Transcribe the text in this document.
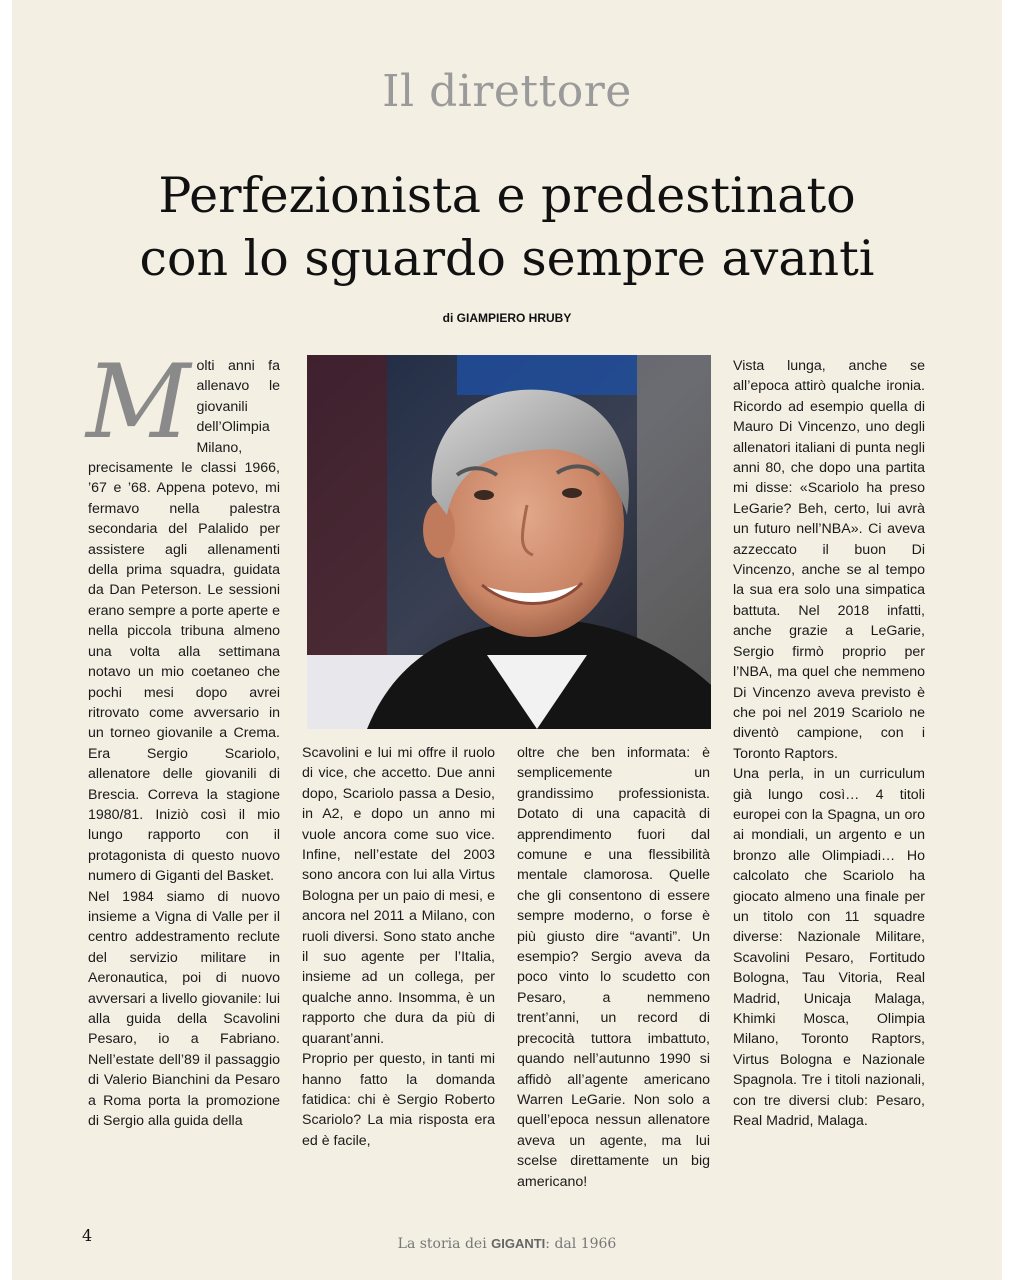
Il direttore
Perfezionista e predestinato
con lo sguardo sempre avanti
di GIAMPIERO HRUBY
M olti anni fa allenavo le giovanili dell’Olimpia Milano, precisamente le classi 1966, ’67 e ’68. Appena potevo, mi fermavo nella palestra secondaria del Palalido per assistere agli allenamenti della prima squadra, guidata da Dan Peterson. Le sessioni erano sempre a porte aperte e nella piccola tribuna almeno una volta alla settimana notavo un mio coetaneo che pochi mesi dopo avrei ritrovato come avversario in un torneo giovanile a Crema. Era Sergio Scariolo, allenatore delle giovanili di Brescia. Correva la stagione 1980/81. Iniziò così il mio lungo rapporto con il protagonista di questo nuovo numero di Giganti del Basket.

Nel 1984 siamo di nuovo insieme a Vigna di Valle per il centro addestramento reclute del servizio militare in Aeronautica, poi di nuovo avversari a livello giovanile: lui alla guida della Scavolini Pesaro, io a Fabriano. Nell’estate dell’89 il passaggio di Valerio Bianchini da Pesaro a Roma porta la promozione di Sergio alla guida della

Scavolini e lui mi offre il ruolo di vice, che accetto. Due anni dopo, Scariolo passa a Desio, in A2, e dopo un anno mi vuole ancora come suo vice. Infine, nell’estate del 2003 sono ancora con lui alla Virtus Bologna per un paio di mesi, e ancora nel 2011 a Milano, con ruoli diversi. Sono stato anche il suo agente per l’Italia, insieme ad un collega, per qualche anno. Insomma, è un rapporto che dura da più di quarant’anni.

Proprio per questo, in tanti mi hanno fatto la domanda fatidica: chi è Sergio Roberto Scariolo? La mia risposta era ed è facile,

oltre che ben informata: è semplicemente un grandissimo professionista. Dotato di una capacità di apprendimento fuori dal comune e una flessibilità mentale clamorosa. Quelle che gli consentono di essere sempre moderno, o forse è più giusto dire “avanti”. Un esempio? Sergio aveva da poco vinto lo scudetto con Pesaro, a nemmeno trent’anni, un record di precocità tuttora imbattuto, quando nell’autunno 1990 si affidò all’agente americano Warren LeGarie. Non solo a quell’epoca nessun allenatore aveva un agente, ma lui scelse direttamente un big americano!

Vista lunga, anche se all’epoca attirò qualche ironia. Ricordo ad esempio quella di Mauro Di Vincenzo, uno degli allenatori italiani di punta negli anni 80, che dopo una partita mi disse: «Scariolo ha preso LeGarie? Beh, certo, lui avrà un futuro nell’NBA». Ci aveva azzeccato il buon Di Vincenzo, anche se al tempo la sua era solo una simpatica battuta. Nel 2018 infatti, anche grazie a LeGarie, Sergio firmò proprio per l’NBA, ma quel che nemmeno Di Vincenzo aveva previsto è che poi nel 2019 Scariolo ne diventò campione, con i Toronto Raptors.

Una perla, in un curriculum già lungo così… 4 titoli europei con la Spagna, un oro ai mondiali, un argento e un bronzo alle Olimpiadi… Ho calcolato che Scariolo ha giocato almeno una finale per un titolo con 11 squadre diverse: Nazionale Militare, Scavolini Pesaro, Fortitudo Bologna, Tau Vitoria, Real Madrid, Unicaja Malaga, Khimki Mosca, Olimpia Milano, Toronto Raptors, Virtus Bologna e Nazionale Spagnola. Tre i titoli nazionali, con tre diversi club: Pesaro, Real Madrid, Malaga.

4	La storia dei GIGANTI: dal 1966
